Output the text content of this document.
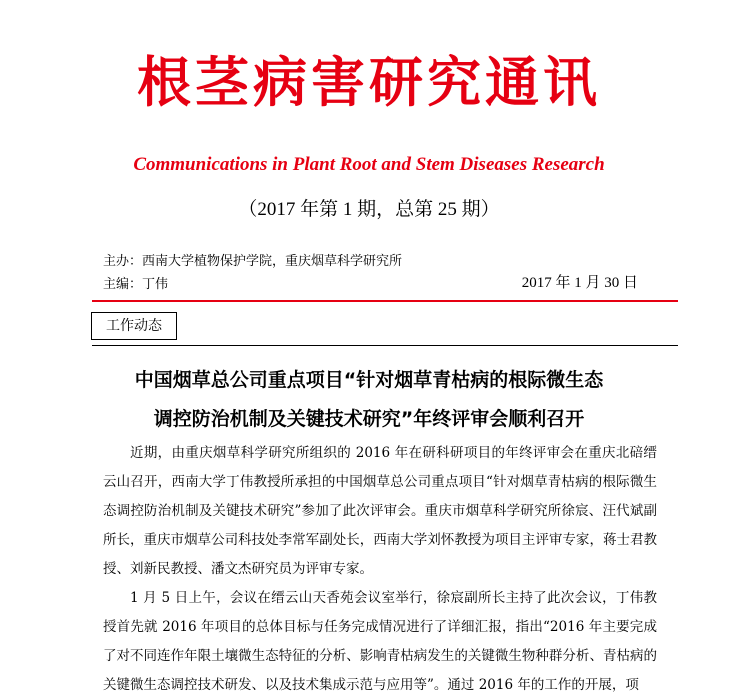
根茎病害研究通讯
Communications in Plant Root and Stem Diseases Research
（2017 年第 1 期，总第 25 期）
主办：西南大学植物保护学院，重庆烟草科学研究所
主编：丁伟	2017 年 1 月 30 日
工作动态
中国烟草总公司重点项目“针对烟草青枯病的根际微生态
调控防治机制及关键技术研究”年终评审会顺利召开

近期，由重庆烟草科学研究所组织的 2016 年在研科研项目的年终评审会在重庆北碚缙云山召开，西南大学丁伟教授所承担的中国烟草总公司重点项目“针对烟草青枯病的根际微生态调控防治机制及关键技术研究”参加了此次评审会。重庆市烟草科学研究所徐宸、汪代斌副所长，重庆市烟草公司科技处李常军副处长，西南大学刘怀教授为项目主评审专家，蒋士君教授、刘新民教授、潘文杰研究员为评审专家。

1 月 5 日上午，会议在缙云山天香苑会议室举行，徐宸副所长主持了此次会议，丁伟教授首先就 2016 年项目的总体目标与任务完成情况进行了详细汇报，指出“2016 年主要完成了对不同连作年限土壤微生态特征的分析、影响青枯病发生的关键微生物种群分析、青枯病的关键微生态调控技术研发、以及技术集成示范与应用等”。通过 2016 年的工作的开展，项
